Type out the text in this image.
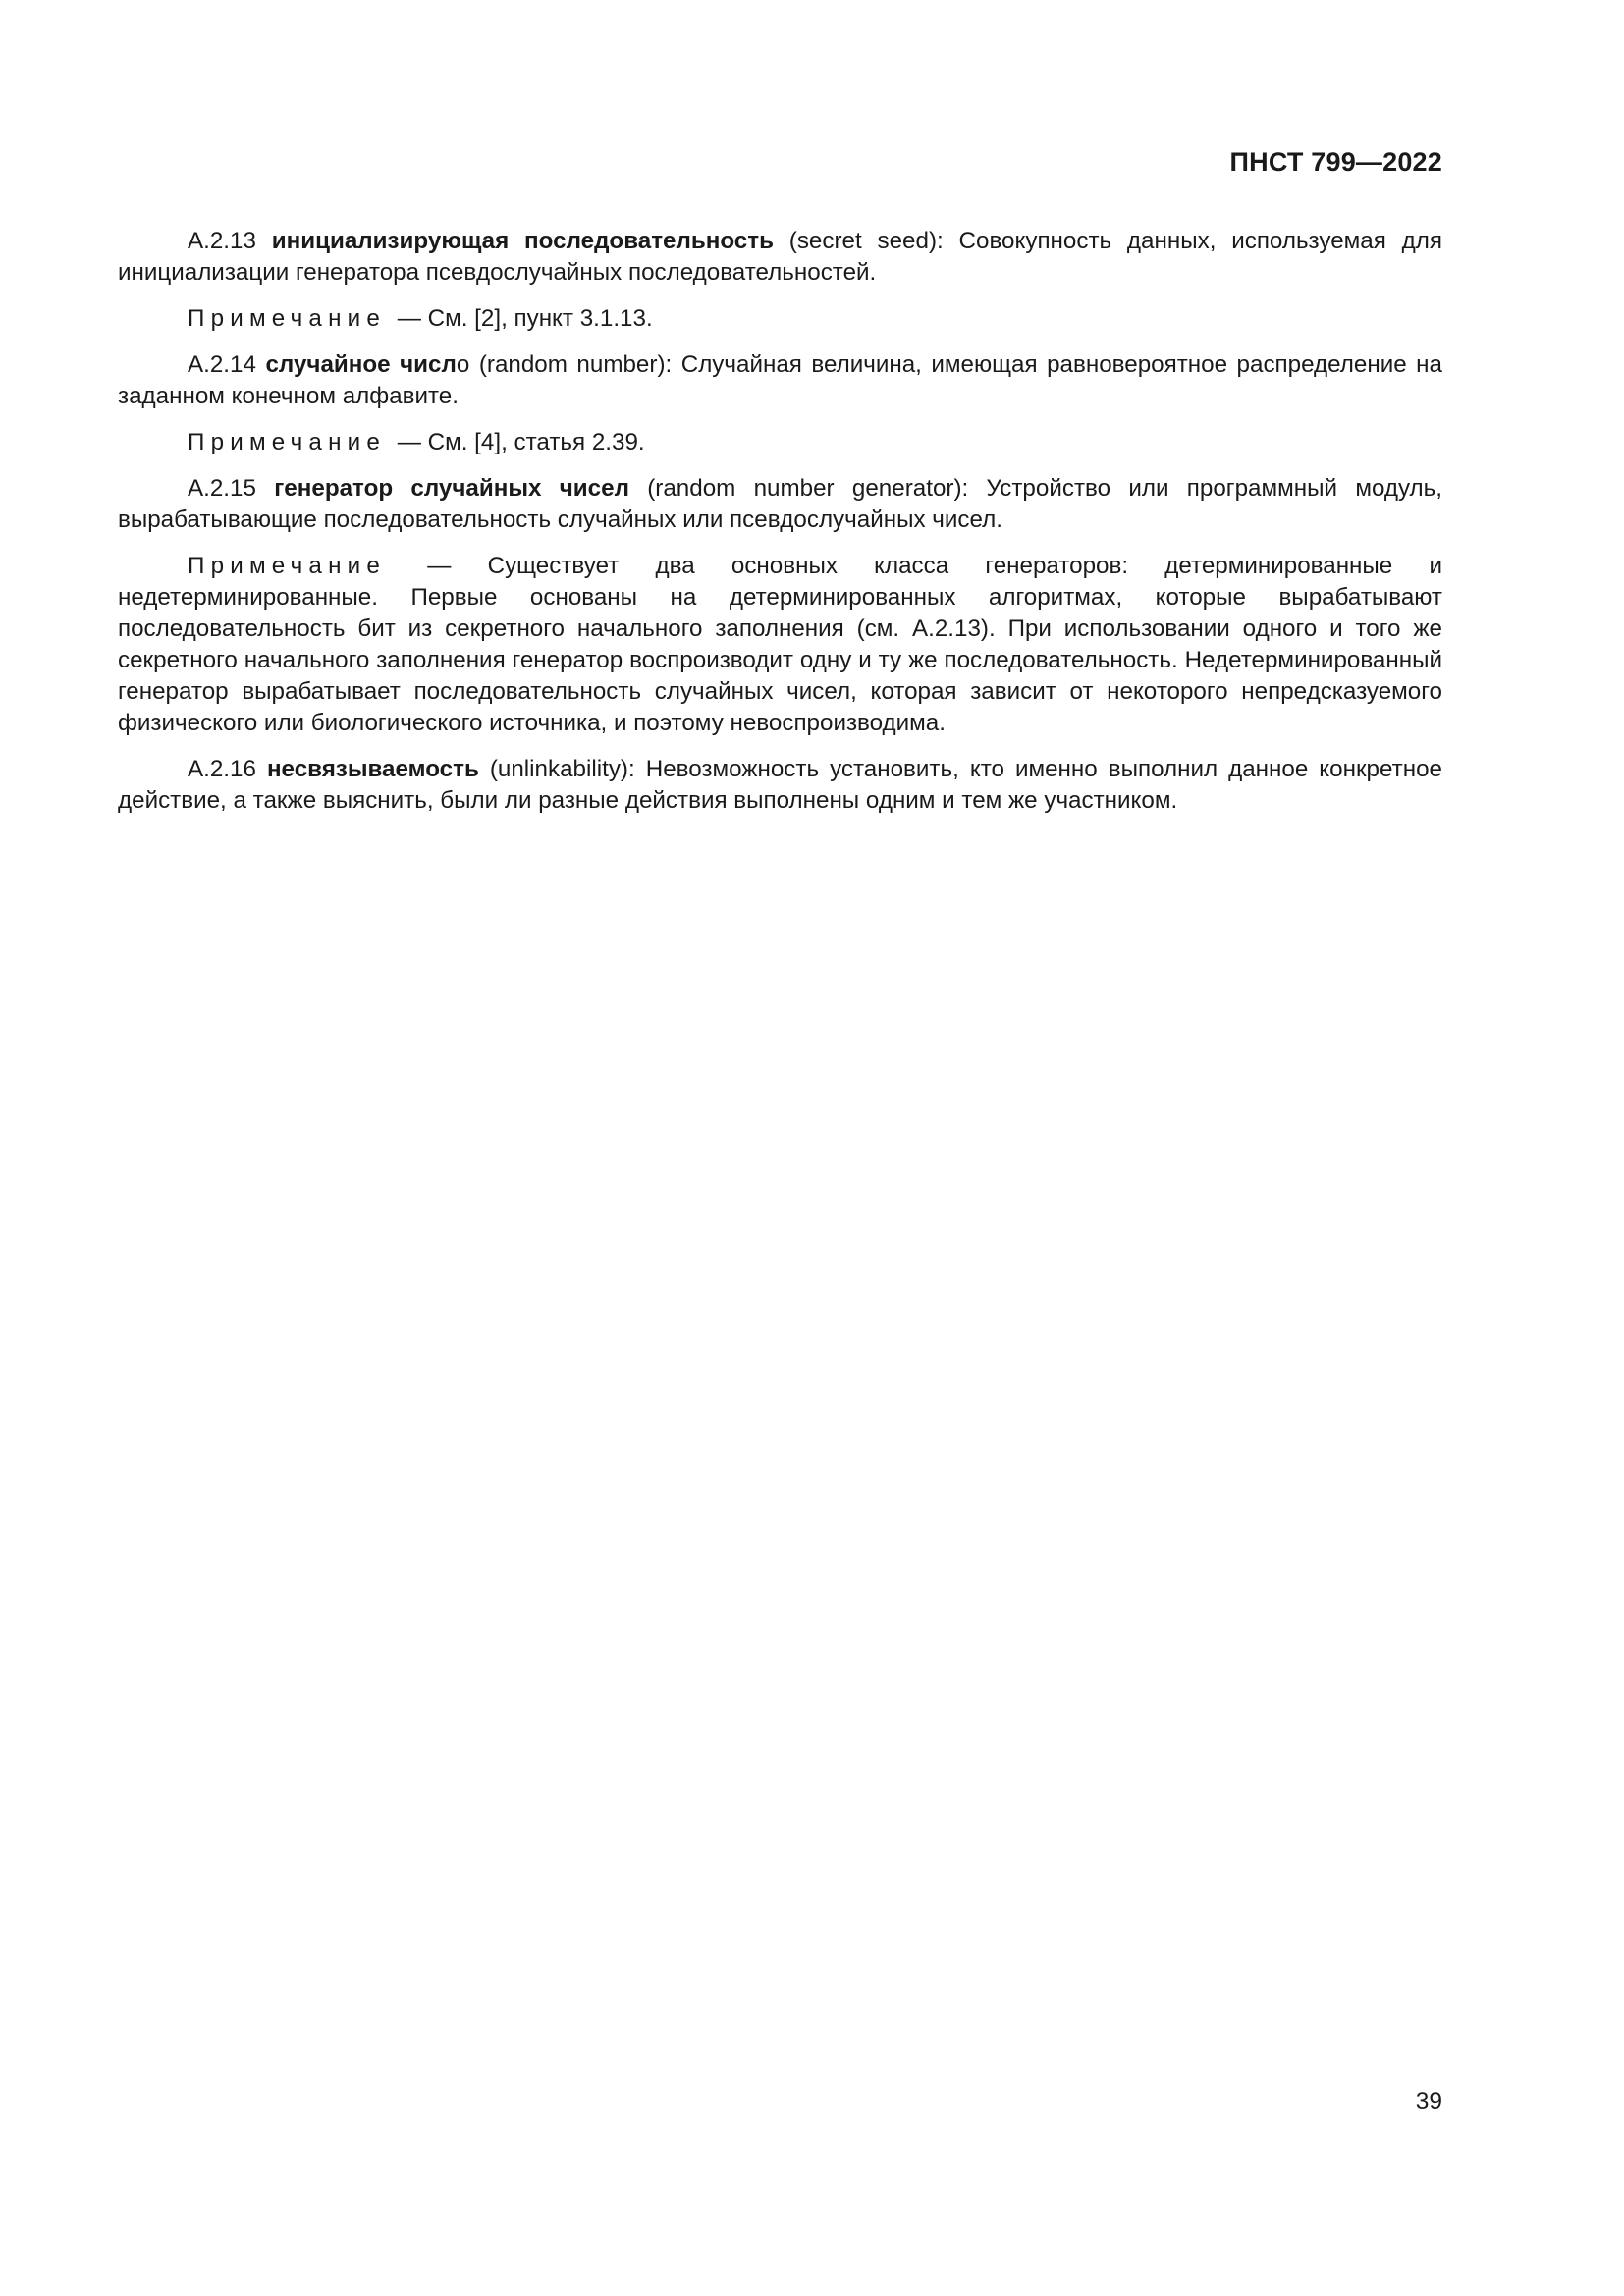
ПНСТ 799—2022

А.2.13 инициализирующая последовательность (secret seed): Совокупность данных, используемая для инициализации генератора псевдослучайных последовательностей.

Примечание — См. [2], пункт 3.1.13.

А.2.14 случайное число (random number): Случайная величина, имеющая равновероятное распределение на заданном конечном алфавите.

Примечание — См. [4], статья 2.39.

А.2.15 генератор случайных чисел (random number generator): Устройство или программный модуль, вырабатывающие последовательность случайных или псевдослучайных чисел.

Примечание — Существует два основных класса генераторов: детерминированные и недетерминированные. Первые основаны на детерминированных алгоритмах, которые вырабатывают последовательность бит из секретного начального заполнения (см. А.2.13). При использовании одного и того же секретного начального заполнения генератор воспроизводит одну и ту же последовательность. Недетерминированный генератор вырабатывает последовательность случайных чисел, которая зависит от некоторого непредсказуемого физического или биологического источника, и поэтому невоспроизводима.

А.2.16 несвязываемость (unlinkability): Невозможность установить, кто именно выполнил данное конкретное действие, а также выяснить, были ли разные действия выполнены одним и тем же участником.

39
